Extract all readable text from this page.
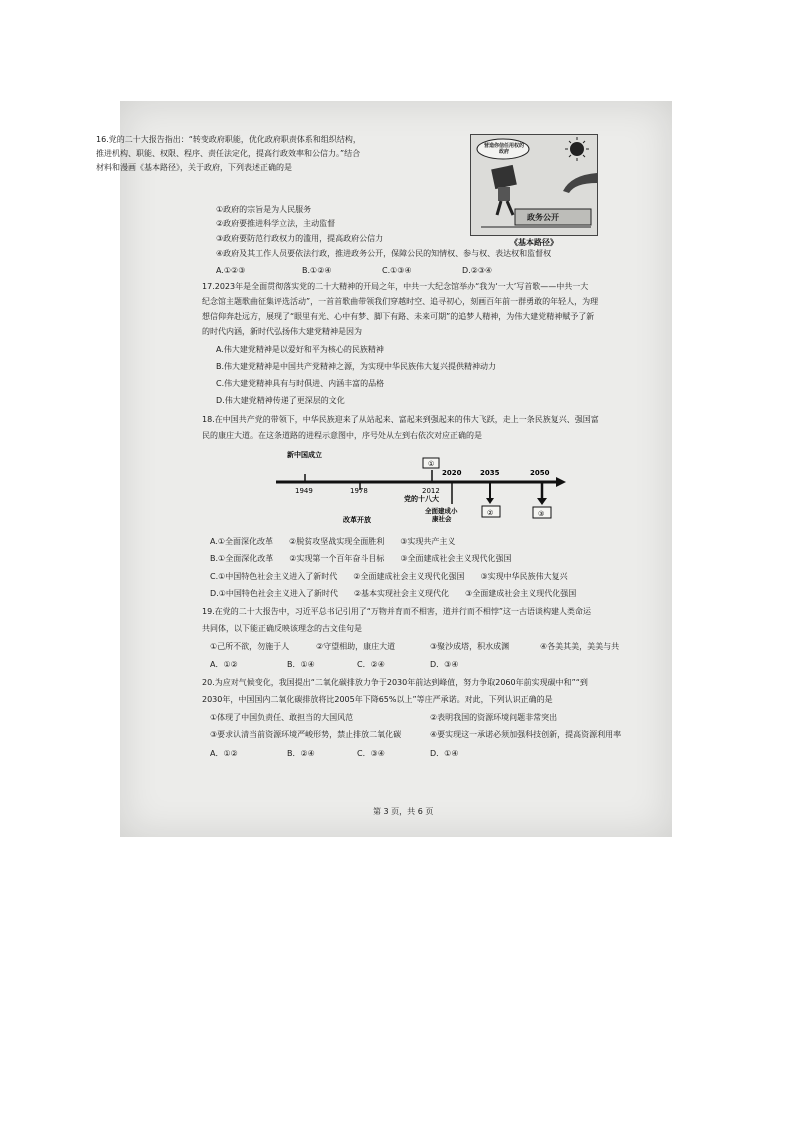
16.党的二十大报告指出：“转变政府职能，优化政府职责体系和组织结构，推进机构、职能、权限、程序、责任法定化，提高行政效率和公信力。”结合材料和漫画《基本路径》，关于政府，下列表述正确的是
①政府的宗旨是为人民服务
②政府要推进科学立法，主动监督
③政府要防范行政权力的滥用，提高政府公信力
④政府及其工作人员要依法行政，推进政务公开，保障公民的知情权、参与权、表达权和监督权
A.①②③	B.①②④	C.①③④	D.②③④
营造你信任用权的政府
政务公开
《基本路径》
17.2023年是全面贯彻落实党的二十大精神的开局之年，中共一大纪念馆举办“我为‘一大’写首歌——中共一大
纪念馆主题歌曲征集评选活动”，一首首歌曲带领我们穿越时空、追寻初心，刻画百年前一群勇敢的年轻人，为理
想信仰奔赴远方，展现了“眼里有光、心中有梦、脚下有路、未来可期”的追梦人精神，为伟大建党精神赋予了新
的时代内涵，新时代弘扬伟大建党精神是因为
A.伟大建党精神是以爱好和平为核心的民族精神
B.伟大建党精神是中国共产党精神之源，为实现中华民族伟大复兴提供精神动力
C.伟大建党精神具有与时俱进、内涵丰富的品格
D.伟大建党精神传递了更深层的文化
18.在中国共产党的带领下，中华民族迎来了从站起来、富起来到强起来的伟大飞跃，走上一条民族复兴、强国富
民的康庄大道。在这条道路的进程示意图中，序号处从左到右依次对应正确的是
新中国成立
1949	1978
改革开放
①
2012
党的十八大
2020
全面建成小
康社会
2035
②
2050
③
A.①全面深化改革　　②脱贫攻坚战实现全面胜利　　③实现共产主义
B.①全面深化改革　　②实现第一个百年奋斗目标　　③全面建成社会主义现代化强国
C.①中国特色社会主义进入了新时代　　②全面建成社会主义现代化强国　　③实现中华民族伟大复兴
D.①中国特色社会主义进入了新时代　　②基本实现社会主义现代化　　③全面建成社会主义现代化强国
19.在党的二十大报告中，习近平总书记引用了“万物并育而不相害，道并行而不相悖”这一古语谈构建人类命运
共同体，以下能正确反映该理念的古文佳句是
①己所不欲，勿施于人	②守望相助，康庄大道	③聚沙成塔，积水成渊	④各美其美，美美与共
A．①②	B．①④	C．②④	D．③④
20.为应对气候变化，我国提出“二氧化碳排放力争于2030年前达到峰值，努力争取2060年前实现碳中和”“到
2030年，中国国内二氧化碳排放将比2005年下降65%以上”等庄严承诺。对此，下列认识正确的是
①体现了中国负责任、敢担当的大国风范	②表明我国的资源环境问题非常突出
③要求认清当前资源环境严峻形势，禁止排放二氧化碳	④要实现这一承诺必须加强科技创新，提高资源利用率
A．①②	B．②④	C．③④	D．①④
第 3 页，共 6 页
